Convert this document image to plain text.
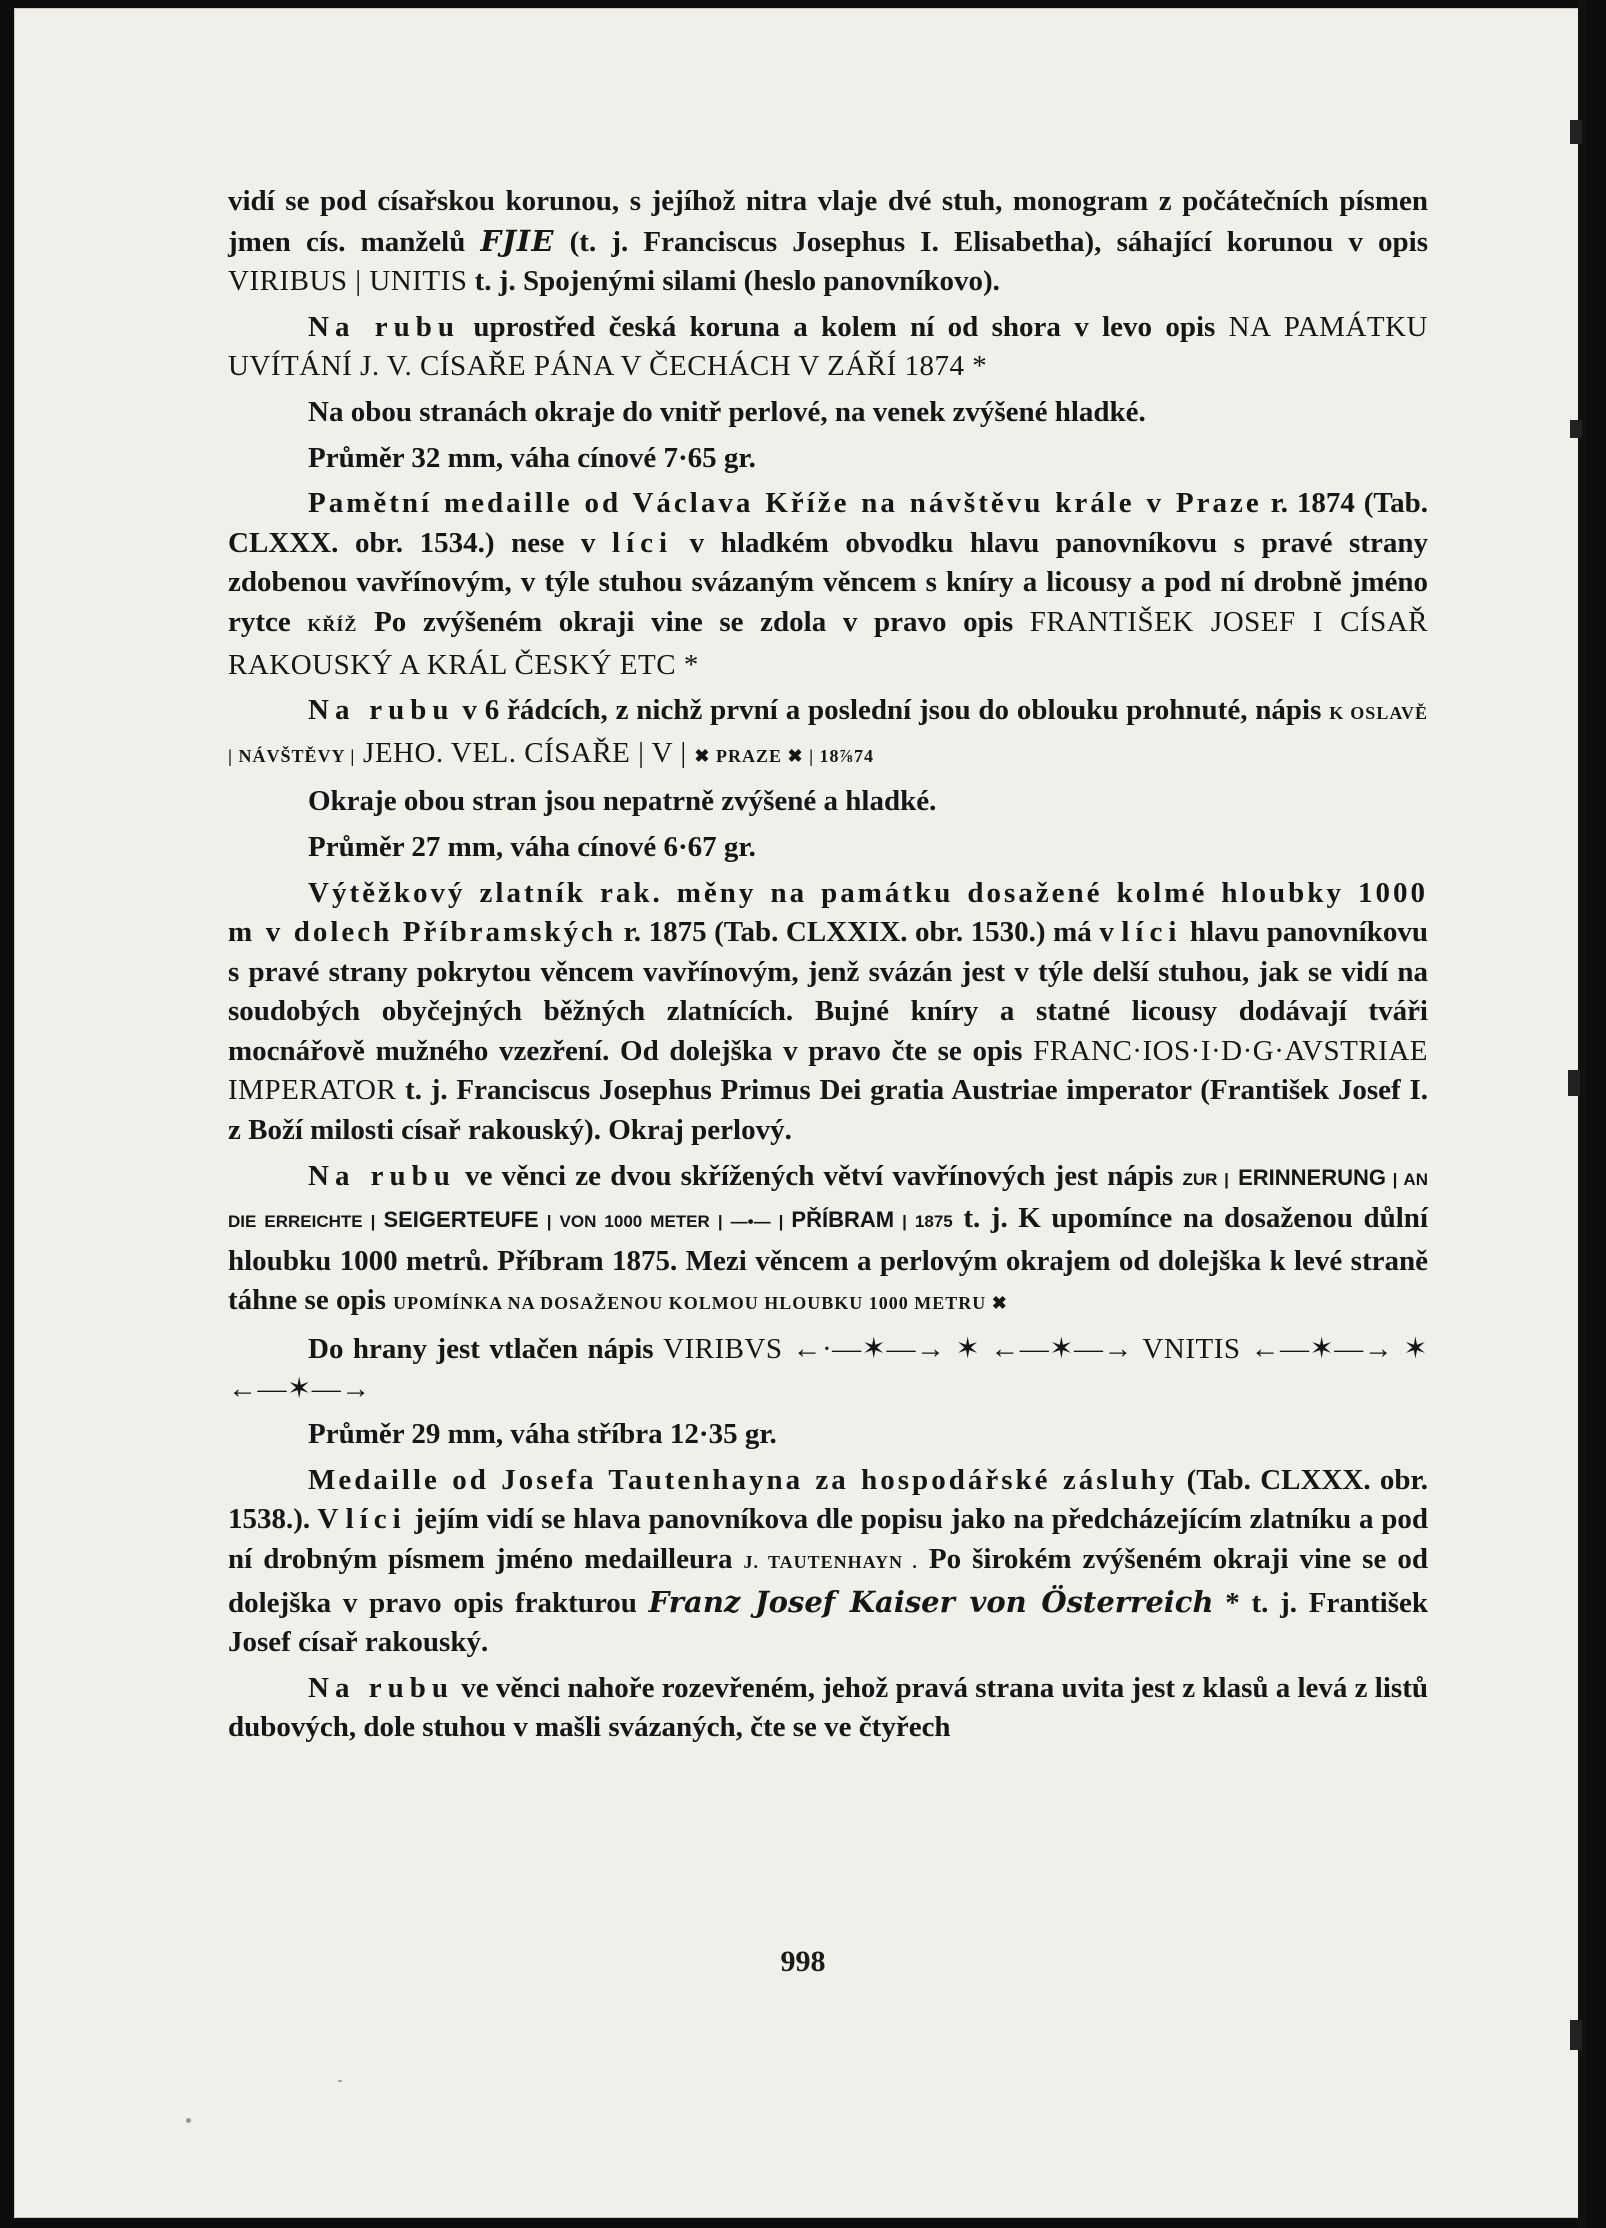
vidí se pod císařskou korunou, s jejíhož nitra vlaje dvé stuh, monogram z počátečních písmen jmen cís. manželů FJIE (t. j. Franciscus Josephus I. Elisabetha), sáhající korunou v opis VIRIBUS | UNITIS t. j. Spojenými silami (heslo panovníkovo).

Na rubu uprostřed česká koruna a kolem ní od shora v levo opis NA PAMÁTKU UVÍTÁNÍ J. V. CÍSAŘE PÁNA V ČECHÁCH V ZÁŘÍ 1874 *

Na obou stranách okraje do vnitř perlové, na venek zvýšené hladké.

Průměr 32 mm, váha cínové 7·65 gr.

Pamětní medaille od Václava Kříže na návštěvu krále v Praze r. 1874 (Tab. CLXXX. obr. 1534.) nese v líci v hladkém obvodku hlavu panovníkovu s pravé strany zdobenou vavřínovým, v týle stuhou svázaným věncem s kníry a licousy a pod ní drobně jméno rytce KŘÍŽ Po zvýšeném okraji vine se zdola v pravo opis FRANTIŠEK JOSEF I CÍSAŘ RAKOUSKÝ A KRÁL ČESKÝ ETC *

Na rubu v 6 řádcích, z nichž první a poslední jsou do oblouku prohnuté, nápis K OSLAVĚ | NÁVŠTĚVY | JEHO. VEL. CÍSAŘE | V | ✖ PRAZE ✖ | 18⅞74

Okraje obou stran jsou nepatrně zvýšené a hladké.

Průměr 27 mm, váha cínové 6·67 gr.

Výtěžkový zlatník rak. měny na památku dosažené kolmé hloubky 1000 m v dolech Příbramských r. 1875 (Tab. CLXXIX. obr. 1530.) má v líci hlavu panovníkovu s pravé strany pokrytou věncem vavřínovým, jenž svázán jest v týle delší stuhou, jak se vidí na soudobých obyčejných běžných zlatnících. Bujné kníry a statné licousy dodávají tváři mocnářově mužného vzezření. Od dolejška v pravo čte se opis FRANC·IOS·I·D·G·AVSTRIAE IMPERATOR t. j. Franciscus Josephus Primus Dei gratia Austriae imperator (František Josef I. z Boží milosti císař rakouský). Okraj perlový.

Na rubu ve věnci ze dvou skřížených větví vavřínových jest nápis ZUR | ERINNERUNG | AN DIE ERREICHTE | SEIGERTEUFE | VON 1000 METER | —•— | PŘÍBRAM | 1875 t. j. K upomínce na dosaženou důlní hloubku 1000 metrů. Příbram 1875. Mezi věncem a perlovým okrajem od dolejška k levé straně táhne se opis UPOMÍNKA NA DOSAŽENOU KOLMOU HLOUBKU 1000 METRU ✖

Do hrany jest vtlačen nápis VIRIBVS ←·—✶—→ ✶ ←—✶—→ VNITIS ←—✶—→ ✶ ←—✶—→

Průměr 29 mm, váha stříbra 12·35 gr.

Medaille od Josefa Tautenhayna za hospodářské zásluhy (Tab. CLXXX. obr. 1538.). V líci jejím vidí se hlava panovníkova dle popisu jako na předcházejícím zlatníku a pod ní drobným písmem jméno medailleura J. TAUTENHAYN . Po širokém zvýšeném okraji vine se od dolejška v pravo opis frakturou Franz Josef Kaiser von Österreich * t. j. František Josef císař rakouský.

Na rubu ve věnci nahoře rozevřeném, jehož pravá strana uvita jest z klasů a levá z listů dubových, dole stuhou v mašli svázaných, čte se ve čtyřech

998
